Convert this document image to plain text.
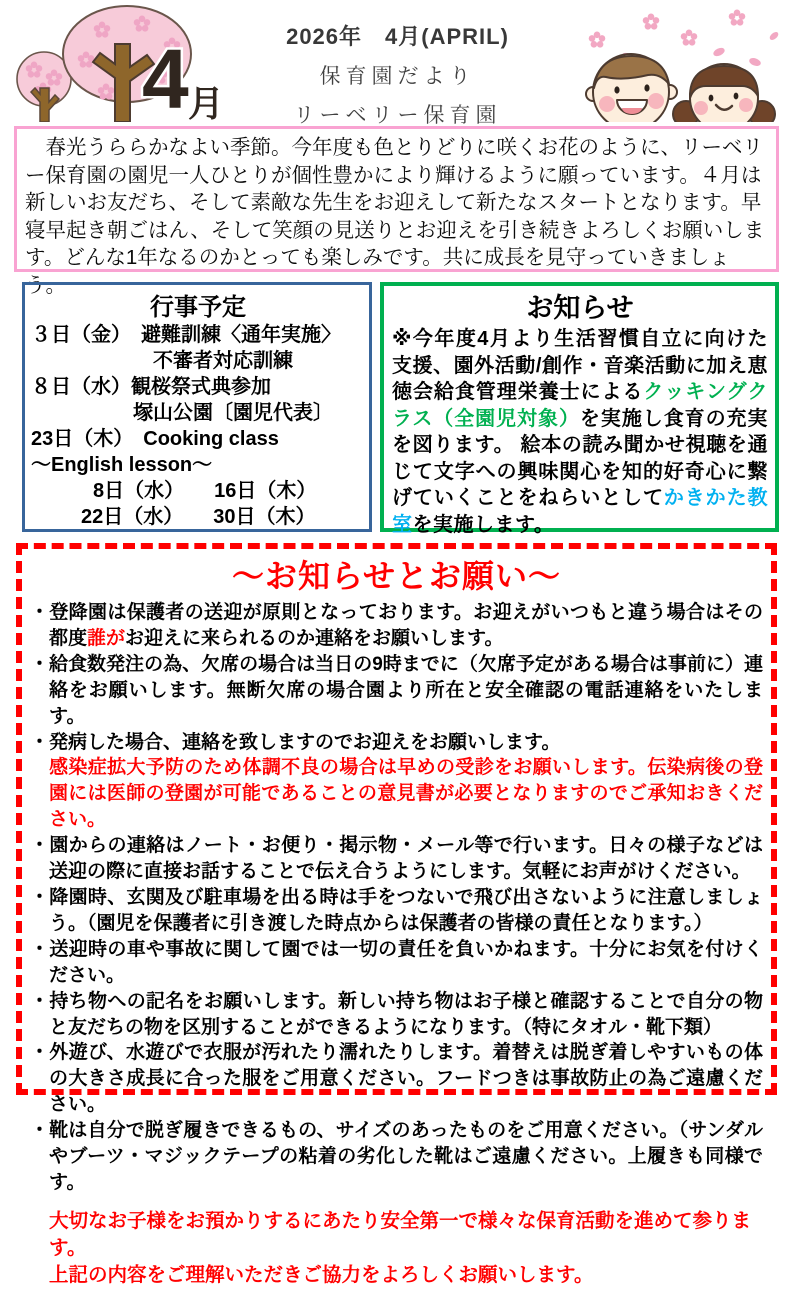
4 月
2026年　4月(APRIL)
保育園だより
リーベリー保育園

　春光うららかなよい季節。今年度も色とりどりに咲くお花のように、リーベリー保育園の園児一人ひとりが個性豊かにより輝けるように願っています。４月は新しいお友だち、そして素敵な先生をお迎えして新たなスタートとなります。早寝早起き朝ごはん、そして笑顔の見送りとお迎えを引き続きよろしくお願いします。どんな1年なるのかとっても楽しみです。共に成長を見守っていきましょう。

行事予定
３日（金）　避難訓練〈通年実施〉
不審者対応訓練
８日（水）観桜祭式典参加
塚山公園〔園児代表〕
23日（木）　Cooking class
～English lesson～
8日（水）　　16日（木）
22日（水）　　30日（木）
お知らせ

※今年度4月より生活習慣自立に向けた支援、園外活動/創作・音楽活動に加え恵徳会給食管理栄養士によるクッキングクラス（全園児対象）を実施し食育の充実を図ります。 絵本の読み聞かせ視聴を通じて文字への興味関心を知的好奇心に繋げていくことをねらいとしてかきかた教室を実施します。

～お知らせとお願い～
・登降園は保護者の送迎が原則となっております。お迎えがいつもと違う場合はその都度誰がお迎えに来られるのか連絡をお願いします。
・給食数発注の為、欠席の場合は当日の9時までに（欠席予定がある場合は事前に）連絡をお願いします。無断欠席の場合園より所在と安全確認の電話連絡をいたします。
・発病した場合、連絡を致しますのでお迎えをお願いします。
感染症拡大予防のため体調不良の場合は早めの受診をお願いします。伝染病後の登園には医師の登園が可能であることの意見書が必要となりますのでご承知おきください。
・園からの連絡はノート・お便り・掲示物・メール等で行います。日々の様子などは送迎の際に直接お話することで伝え合うようにします。気軽にお声がけください。
・降園時、玄関及び駐車場を出る時は手をつないで飛び出さないように注意しましょう。（園児を保護者に引き渡した時点からは保護者の皆様の責任となります。）
・送迎時の車や事故に関して園では一切の責任を負いかねます。十分にお気を付けください。
・持ち物への記名をお願いします。新しい持ち物はお子様と確認することで自分の物と友だちの物を区別することができるようになります。（特にタオル・靴下類）
・外遊び、水遊びで衣服が汚れたり濡れたりします。着替えは脱ぎ着しやすいもの体の大きさ成長に合った服をご用意ください。フードつきは事故防止の為ご遠慮ください。
・靴は自分で脱ぎ履きできるもの、サイズのあったものをご用意ください。（サンダルやブーツ・マジックテープの粘着の劣化した靴はご遠慮ください。上履きも同様です。
大切なお子様をお預かりするにあたり安全第一で様々な保育活動を進めて参ります。
上記の内容をご理解いただきご協力をよろしくお願いします。
